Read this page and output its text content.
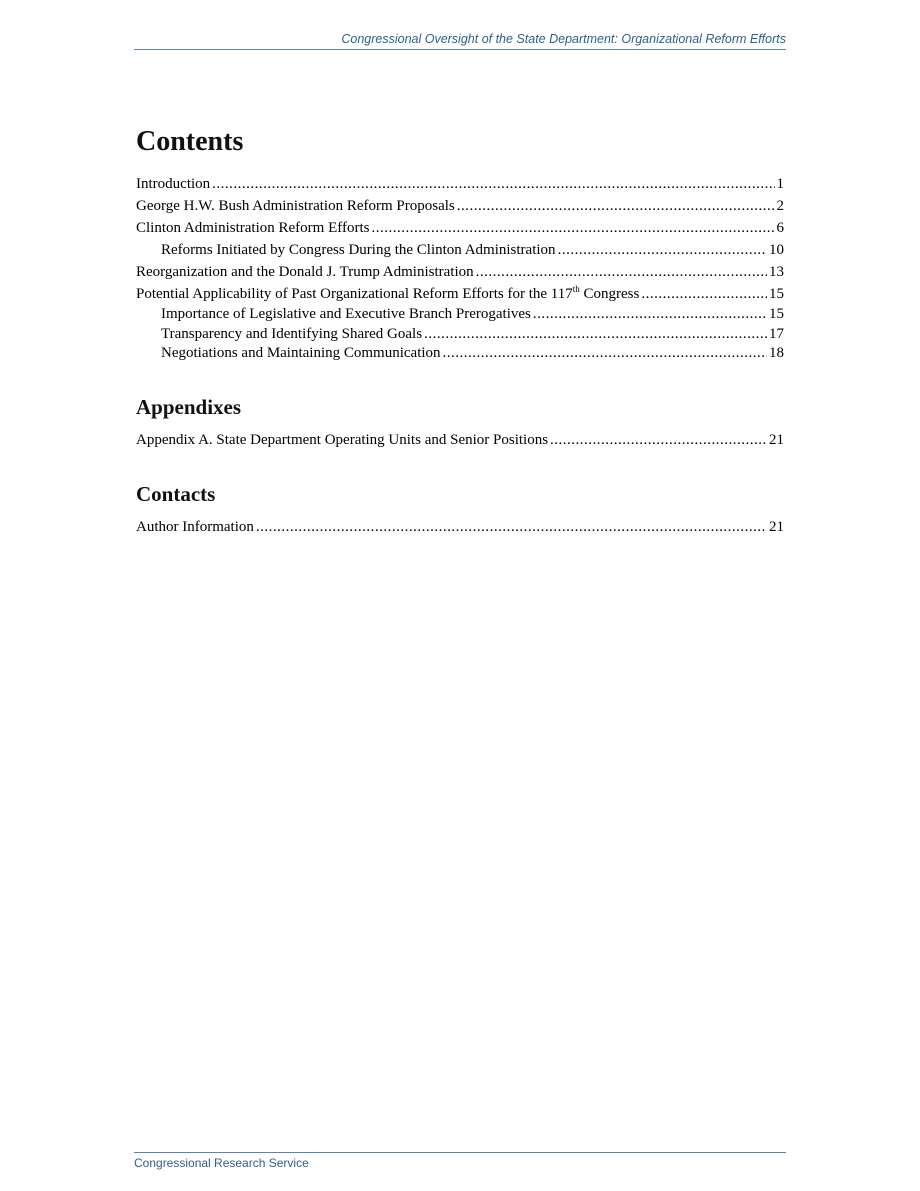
Congressional Oversight of the State Department: Organizational Reform Efforts
Contents
Introduction .....	1
George H.W. Bush Administration Reform Proposals .....	2
Clinton Administration Reform Efforts .....	6
Reforms Initiated by Congress During the Clinton Administration .....	10
Reorganization and the Donald J. Trump Administration .....	13
Potential Applicability of Past Organizational Reform Efforts for the 117th Congress .....	15
Importance of Legislative and Executive Branch Prerogatives .....	15
Transparency and Identifying Shared Goals .....	17
Negotiations and Maintaining Communication .....	18
Appendixes
Appendix A. State Department Operating Units and Senior Positions .....	21
Contacts
Author Information .....	21
Congressional Research Service
